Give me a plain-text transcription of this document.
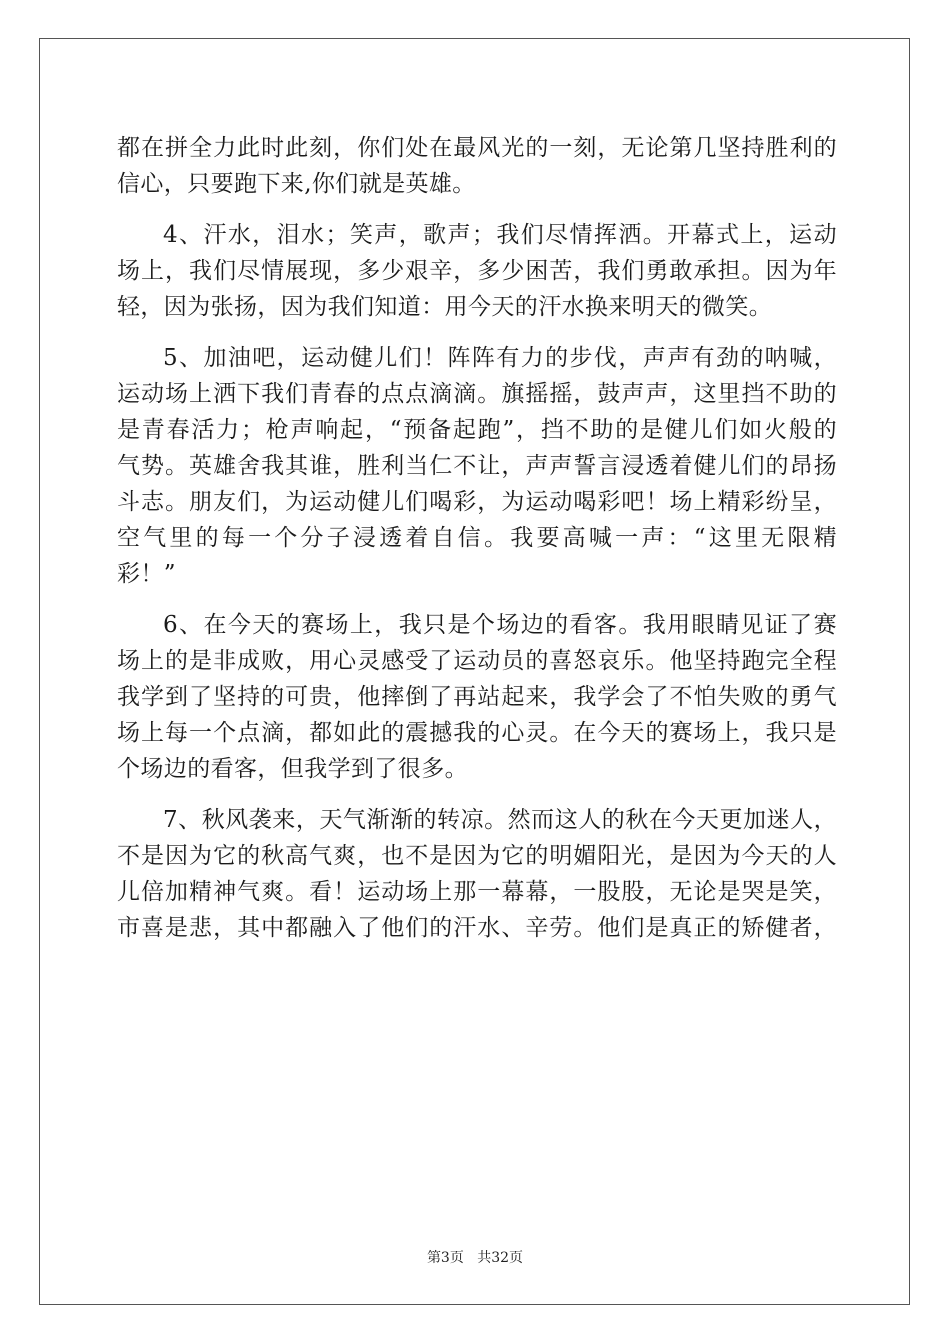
都在拼全力此时此刻，你们处在最风光的一刻，无论第几坚持胜利的
信心，只要跑下来,你们就是英雄。
4、汗水，泪水；笑声，歌声；我们尽情挥洒。开幕式上，运动
场上，我们尽情展现，多少艰辛，多少困苦，我们勇敢承担。因为年
轻，因为张扬，因为我们知道：用今天的汗水换来明天的微笑。
5、加油吧，运动健儿们！阵阵有力的步伐，声声有劲的呐喊，
运动场上洒下我们青春的点点滴滴。旗摇摇，鼓声声，这里挡不助的
是青春活力；枪声响起，“预备起跑”，挡不助的是健儿们如火般的
气势。英雄舍我其谁，胜利当仁不让，声声誓言浸透着健儿们的昂扬
斗志。朋友们，为运动健儿们喝彩，为运动喝彩吧！场上精彩纷呈，
空气里的每一个分子浸透着自信。我要高喊一声：“这里无限精
彩！”
6、在今天的赛场上，我只是个场边的看客。我用眼睛见证了赛
场上的是非成败，用心灵感受了运动员的喜怒哀乐。他坚持跑完全程
我学到了坚持的可贵，他摔倒了再站起来，我学会了不怕失败的勇气
场上每一个点滴，都如此的震撼我的心灵。在今天的赛场上，我只是
个场边的看客，但我学到了很多。
7、秋风袭来，天气渐渐的转凉。然而这人的秋在今天更加迷人，
不是因为它的秋高气爽，也不是因为它的明媚阳光，是因为今天的人
儿倍加精神气爽。看！运动场上那一幕幕，一股股，无论是哭是笑，
市喜是悲，其中都融入了他们的汗水、辛劳。他们是真正的矫健者，
第3页 共32页
